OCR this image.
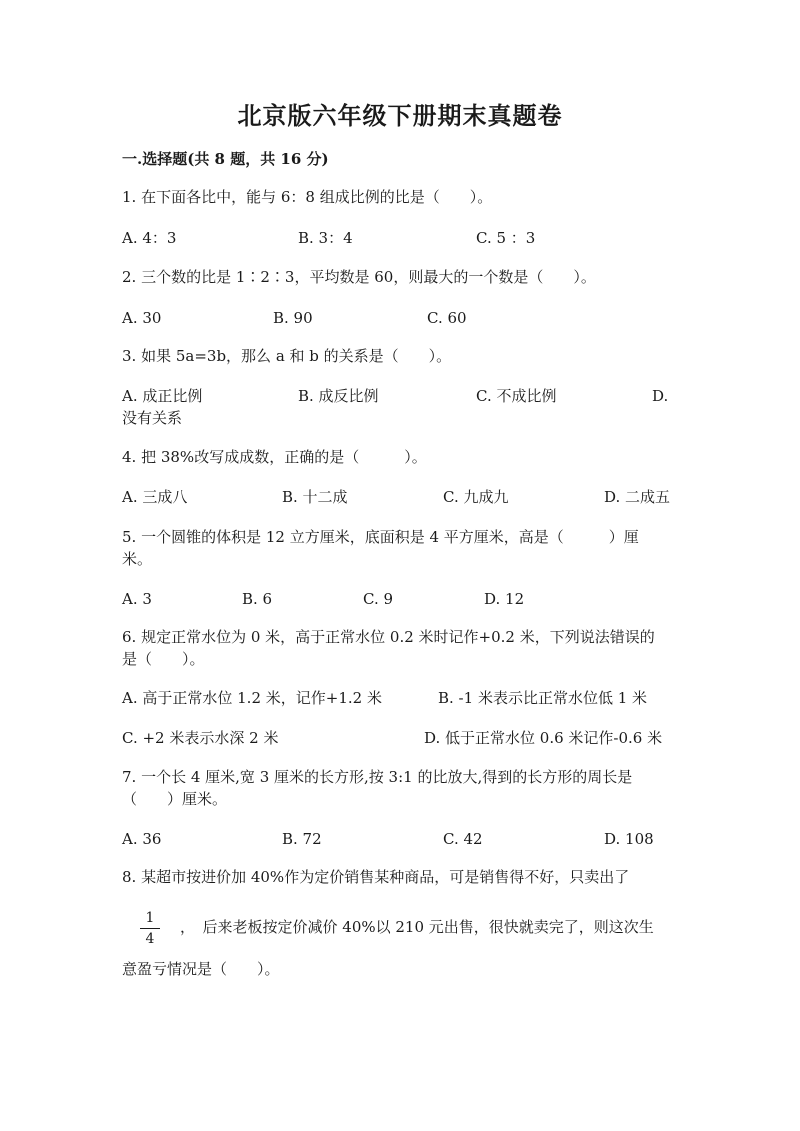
北京版六年级下册期末真题卷
一.选择题(共 8 题，共 16 分)
1. 在下面各比中，能与 6：8 组成比例的比是（　　）。
A. 4：3	B. 3：4	C. 5 ：3
2. 三个数的比是 1∶2∶3，平均数是 60，则最大的一个数是（　　）。
A. 30	B. 90	C. 60
3. 如果 5a=3b，那么 a 和 b 的关系是（　　）。
A. 成正比例	B. 成反比例	C. 不成比例	D.
没有关系
4. 把 38%改写成成数，正确的是（　　　）。
A. 三成八	B. 十二成	C. 九成九	D. 二成五
5. 一个圆锥的体积是 12 立方厘米，底面积是 4 平方厘米，高是（　　　）厘
米。
A. 3	B. 6	C. 9	D. 12
6. 规定正常水位为 0 米，高于正常水位 0.2 米时记作+0.2 米，下列说法错误的
是（　　）。
A. 高于正常水位 1.2 米，记作+1.2 米	B. -1 米表示比正常水位低 1 米
C. +2 米表示水深 2 米	D. 低于正常水位 0.6 米记作-0.6 米
7. 一个长 4 厘米,宽 3 厘米的长方形,按 3:1 的比放大,得到的长方形的周长是
（　　）厘米。
A. 36	B. 72	C. 42	D. 108
8. 某超市按进价加 40%作为定价销售某种商品，可是销售得不好，只卖出了
1
4
，　后来老板按定价减价 40%以 210 元出售，很快就卖完了，则这次生
意盈亏情况是（　　）。
